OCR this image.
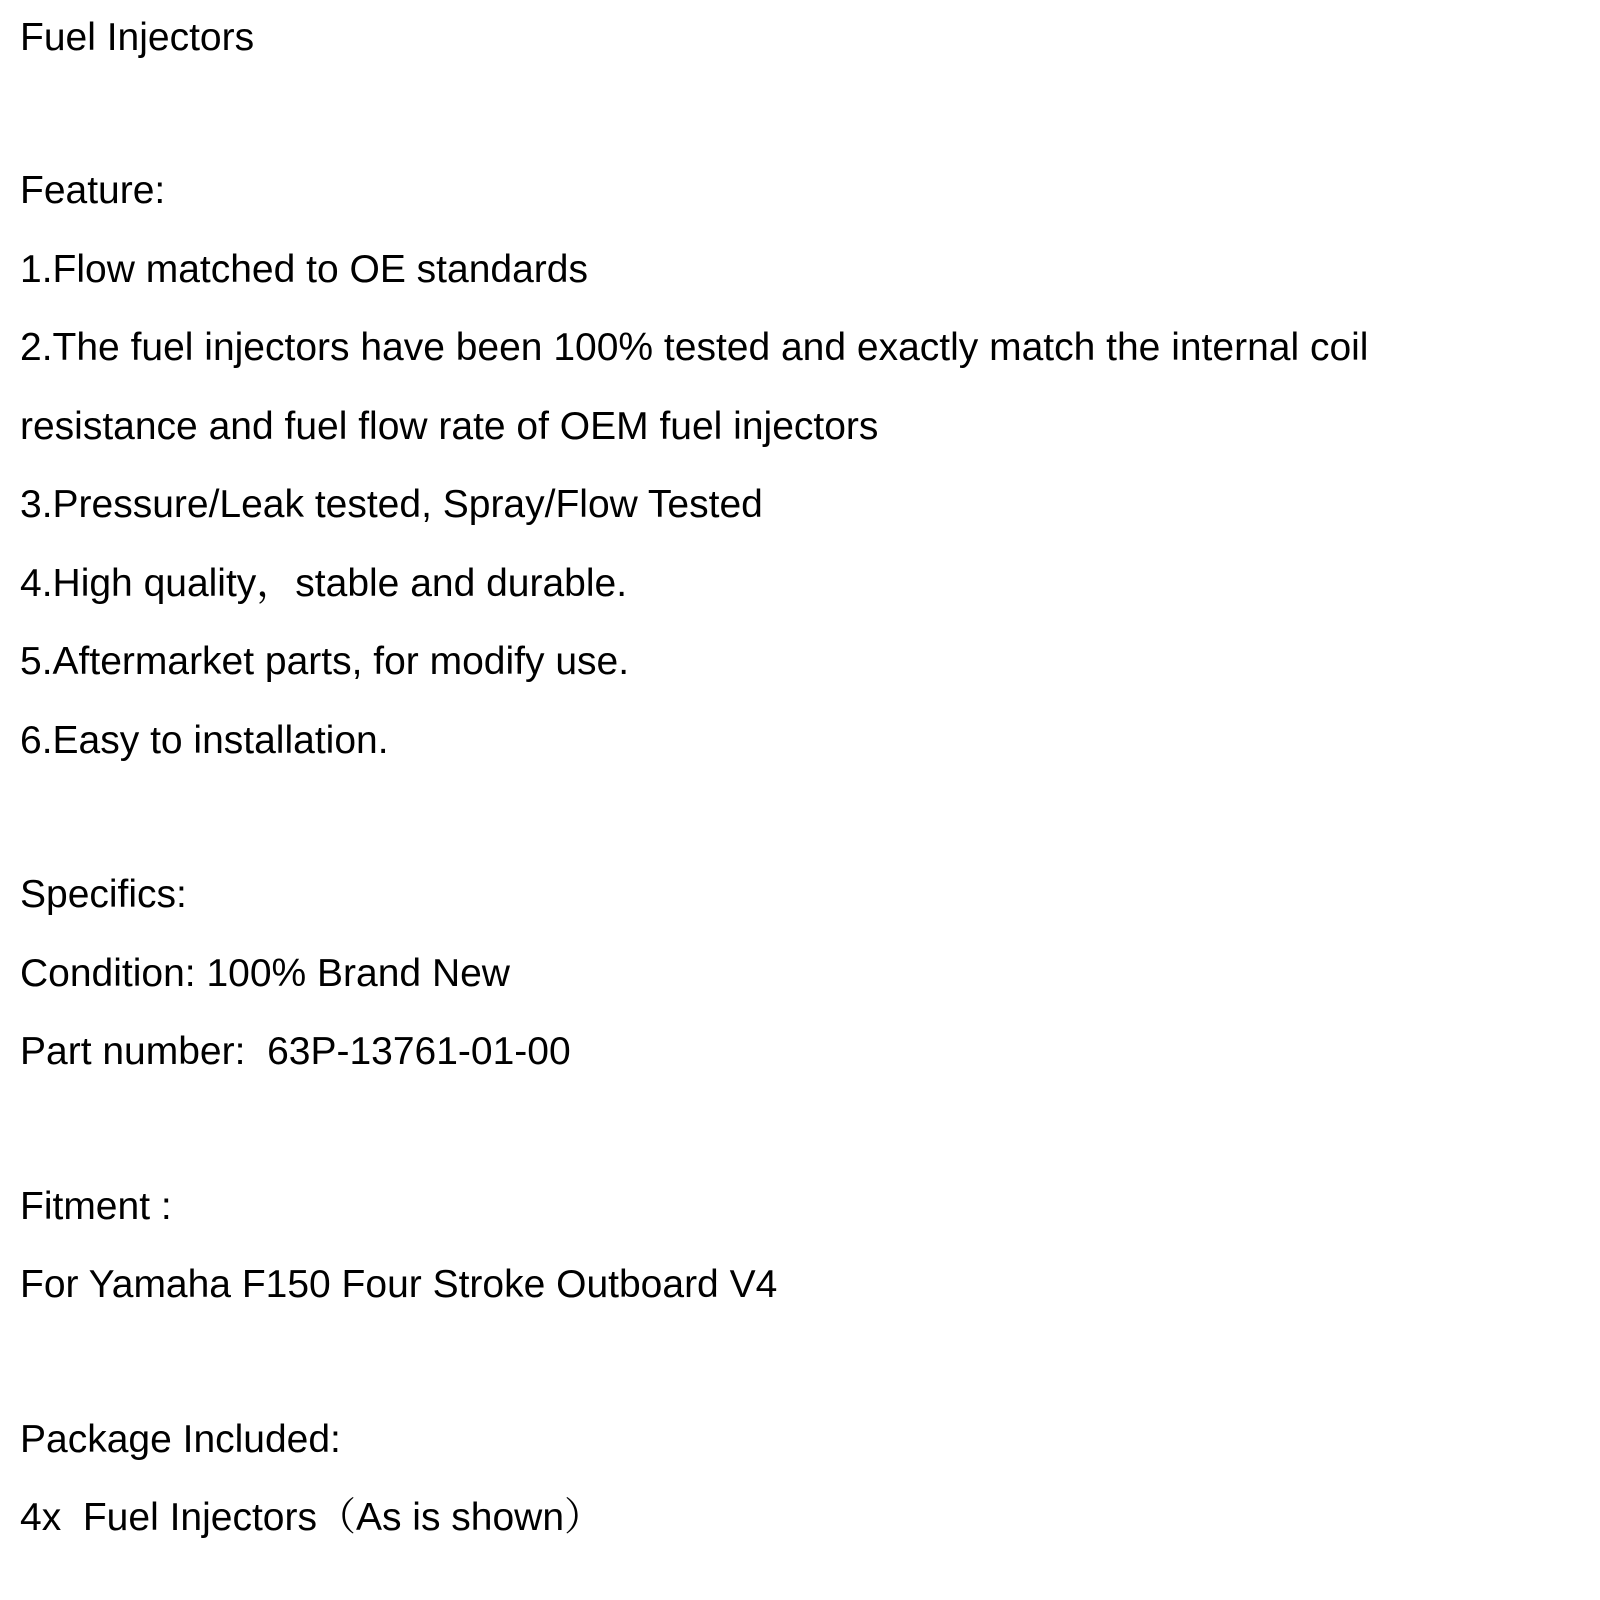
Fuel Injectors
Feature:
1.Flow matched to OE standards
2.The fuel injectors have been 100% tested and exactly match the internal coil
resistance and fuel flow rate of OEM fuel injectors
3.Pressure/Leak tested, Spray/Flow Tested
4.High quality，stable and durable.
5.Aftermarket parts, for modify use.
6.Easy to installation.
Specifics:
Condition: 100% Brand New
Part number:  63P-13761-01-00
Fitment :
For Yamaha F150 Four Stroke Outboard V4
Package Included:
4x  Fuel Injectors（As is shown）
